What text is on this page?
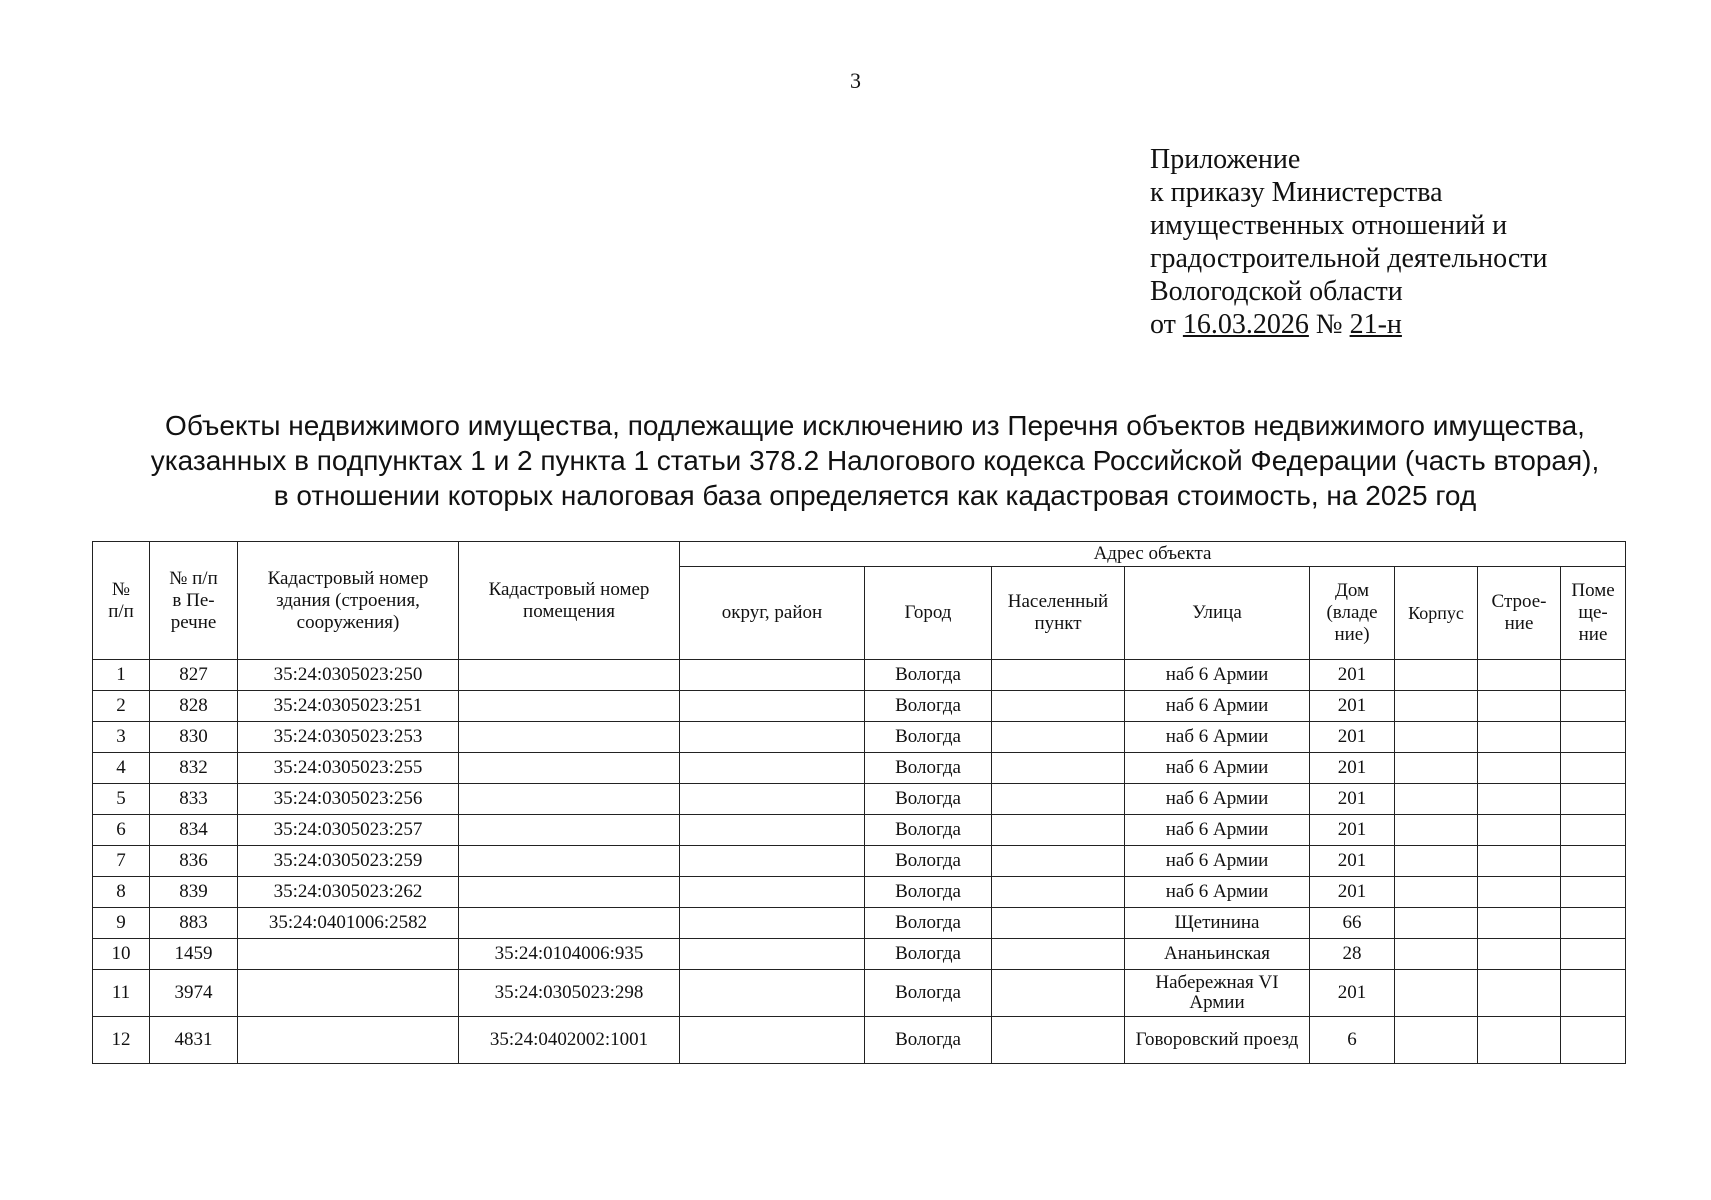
3
Приложение
к приказу Министерства
имущественных отношений и
градостроительной деятельности
Вологодской области
от 16.03.2026 № 21-н
Объекты недвижимого имущества, подлежащие исключению из Перечня объектов недвижимого имущества,
указанных в подпунктах 1 и 2 пункта 1 статьи 378.2 Налогового кодекса Российской Федерации (часть вторая),
в отношении которых налоговая база определяется как кадастровая стоимость, на 2025 год
№
п/п	№ п/п
в Пе-
речне	Кадастровый номер
здания (строения,
сооружения)	Кадастровый номер
помещения	Адрес объекта							
				округ, район	Город	Населенный
пункт	Улица	Дом
(владе
ние)	Корпус	Строе-
ние	Поме
ще-
ние
1	827	35:24:0305023:250			Вологда		наб 6 Армии	201			
2	828	35:24:0305023:251			Вологда		наб 6 Армии	201			
3	830	35:24:0305023:253			Вологда		наб 6 Армии	201			
4	832	35:24:0305023:255			Вологда		наб 6 Армии	201			
5	833	35:24:0305023:256			Вологда		наб 6 Армии	201			
6	834	35:24:0305023:257			Вологда		наб 6 Армии	201			
7	836	35:24:0305023:259			Вологда		наб 6 Армии	201			
8	839	35:24:0305023:262			Вологда		наб 6 Армии	201			
9	883	35:24:0401006:2582			Вологда		Щетинина	66			
10	1459		35:24:0104006:935		Вологда		Ананьинская	28			
11	3974		35:24:0305023:298		Вологда		Набережная VI Армии	201			
12	4831		35:24:0402002:1001		Вологда		Говоровский проезд	6			
